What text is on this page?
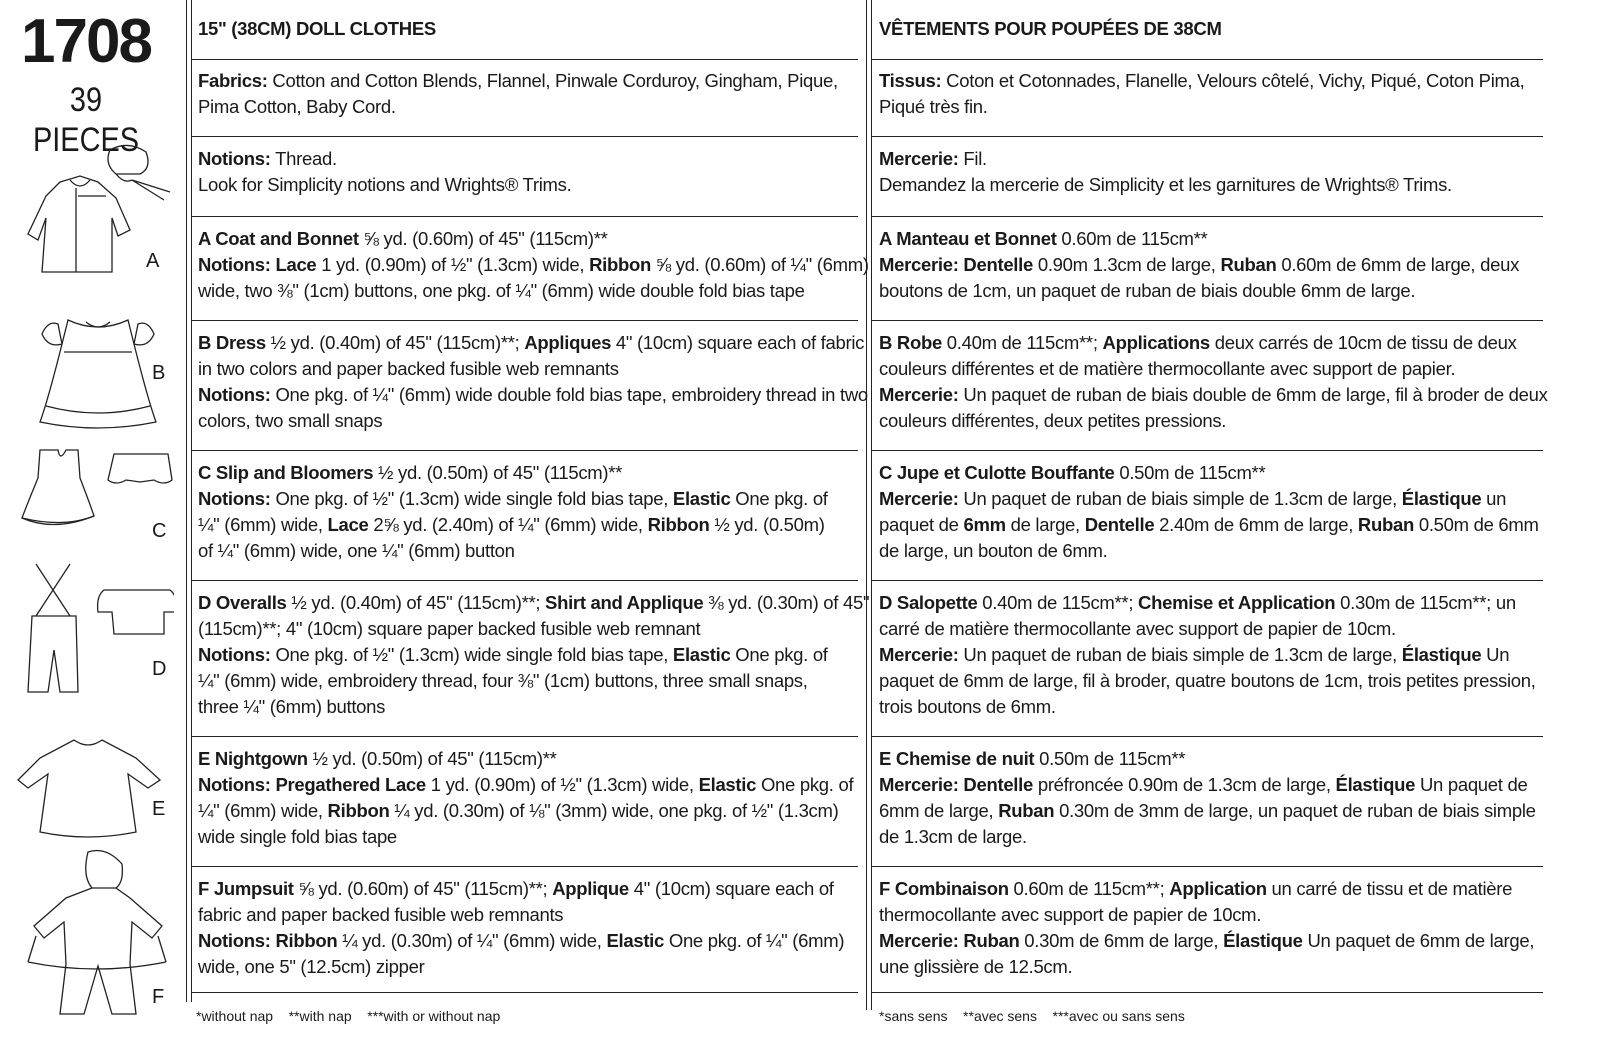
1708
39 PIECES
A
B
C
D
E
F
15" (38CM) DOLL CLOTHES
Fabrics: Cotton and Cotton Blends, Flannel, Pinwale Corduroy, Gingham, Pique,
Pima Cotton, Baby Cord.
Notions: Thread.
Look for Simplicity notions and Wrights® Trims.
A Coat and Bonnet ⅝ yd. (0.60m) of 45" (115cm)**
Notions: Lace 1 yd. (0.90m) of ½" (1.3cm) wide, Ribbon ⅝ yd. (0.60m) of ¼" (6mm)
wide, two ⅜" (1cm) buttons, one pkg. of ¼" (6mm) wide double fold bias tape
B Dress ½ yd. (0.40m) of 45" (115cm)**; Appliques 4" (10cm) square each of fabric
in two colors and paper backed fusible web remnants
Notions: One pkg. of ¼" (6mm) wide double fold bias tape, embroidery thread in two
colors, two small snaps
C Slip and Bloomers ½ yd. (0.50m) of 45" (115cm)**
Notions: One pkg. of ½" (1.3cm) wide single fold bias tape, Elastic One pkg. of
¼" (6mm) wide, Lace 2⅝ yd. (2.40m) of ¼" (6mm) wide, Ribbon ½ yd. (0.50m)
of ¼" (6mm) wide, one ¼" (6mm) button
D Overalls ½ yd. (0.40m) of 45" (115cm)**; Shirt and Applique ⅜ yd. (0.30m) of 45"
(115cm)**; 4" (10cm) square paper backed fusible web remnant
Notions: One pkg. of ½" (1.3cm) wide single fold bias tape, Elastic One pkg. of
¼" (6mm) wide, embroidery thread, four ⅜" (1cm) buttons, three small snaps,
three ¼" (6mm) buttons
E Nightgown ½ yd. (0.50m) of 45" (115cm)**
Notions: Pregathered Lace 1 yd. (0.90m) of ½" (1.3cm) wide, Elastic One pkg. of
¼" (6mm) wide, Ribbon ¼ yd. (0.30m) of ⅛" (3mm) wide, one pkg. of ½" (1.3cm)
wide single fold bias tape
F Jumpsuit ⅝ yd. (0.60m) of 45" (115cm)**; Applique 4" (10cm) square each of
fabric and paper backed fusible web remnants
Notions: Ribbon ¼ yd. (0.30m) of ¼" (6mm) wide, Elastic One pkg. of ¼" (6mm)
wide, one 5" (12.5cm) zipper
*without nap    **with nap    ***with or without nap
VÊTEMENTS POUR POUPÉES DE 38CM
Tissus: Coton et Cotonnades, Flanelle, Velours côtelé, Vichy, Piqué, Coton Pima,
Piqué très fin.
Mercerie: Fil.
Demandez la mercerie de Simplicity et les garnitures de Wrights® Trims.
A Manteau et Bonnet 0.60m de 115cm**
Mercerie: Dentelle 0.90m 1.3cm de large, Ruban 0.60m de 6mm de large, deux
boutons de 1cm, un paquet de ruban de biais double 6mm de large.
B Robe 0.40m de 115cm**; Applications deux carrés de 10cm de tissu de deux
couleurs différentes et de matière thermocollante avec support de papier.
Mercerie: Un paquet de ruban de biais double de 6mm de large, fil à broder de deux
couleurs différentes, deux petites pressions.
C Jupe et Culotte Bouffante 0.50m de 115cm**
Mercerie: Un paquet de ruban de biais simple de 1.3cm de large, Élastique un
paquet de 6mm de large, Dentelle 2.40m de 6mm de large, Ruban 0.50m de 6mm
de large, un bouton de 6mm.
D Salopette 0.40m de 115cm**; Chemise et Application 0.30m de 115cm**; un
carré de matière thermocollante avec support de papier de 10cm.
Mercerie: Un paquet de ruban de biais simple de 1.3cm de large, Élastique Un
paquet de 6mm de large, fil à broder, quatre boutons de 1cm, trois petites pression,
trois boutons de 6mm.
E Chemise de nuit 0.50m de 115cm**
Mercerie: Dentelle préfroncée 0.90m de 1.3cm de large, Élastique Un paquet de
6mm de large, Ruban 0.30m de 3mm de large, un paquet de ruban de biais simple
de 1.3cm de large.
F Combinaison 0.60m de 115cm**; Application un carré de tissu et de matière
thermocollante avec support de papier de 10cm.
Mercerie: Ruban 0.30m de 6mm de large, Élastique Un paquet de 6mm de large,
une glissière de 12.5cm.
*sans sens    **avec sens    ***avec ou sans sens
